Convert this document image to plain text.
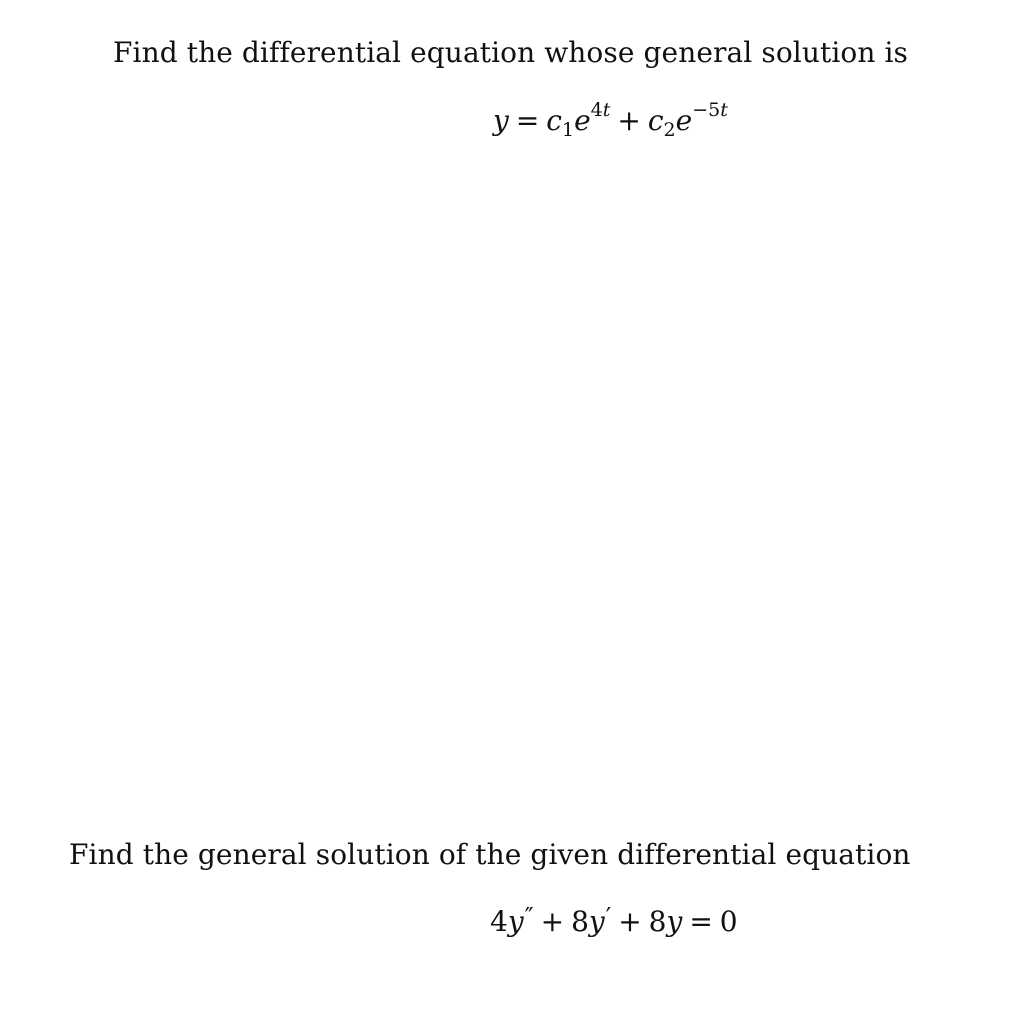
Find the differential equation whose general solution is
$y = c_1e^{4t} + c_2e^{-5t}$
Find the general solution of the given differential equation
4y″ + 8y′ + 8y = 0
